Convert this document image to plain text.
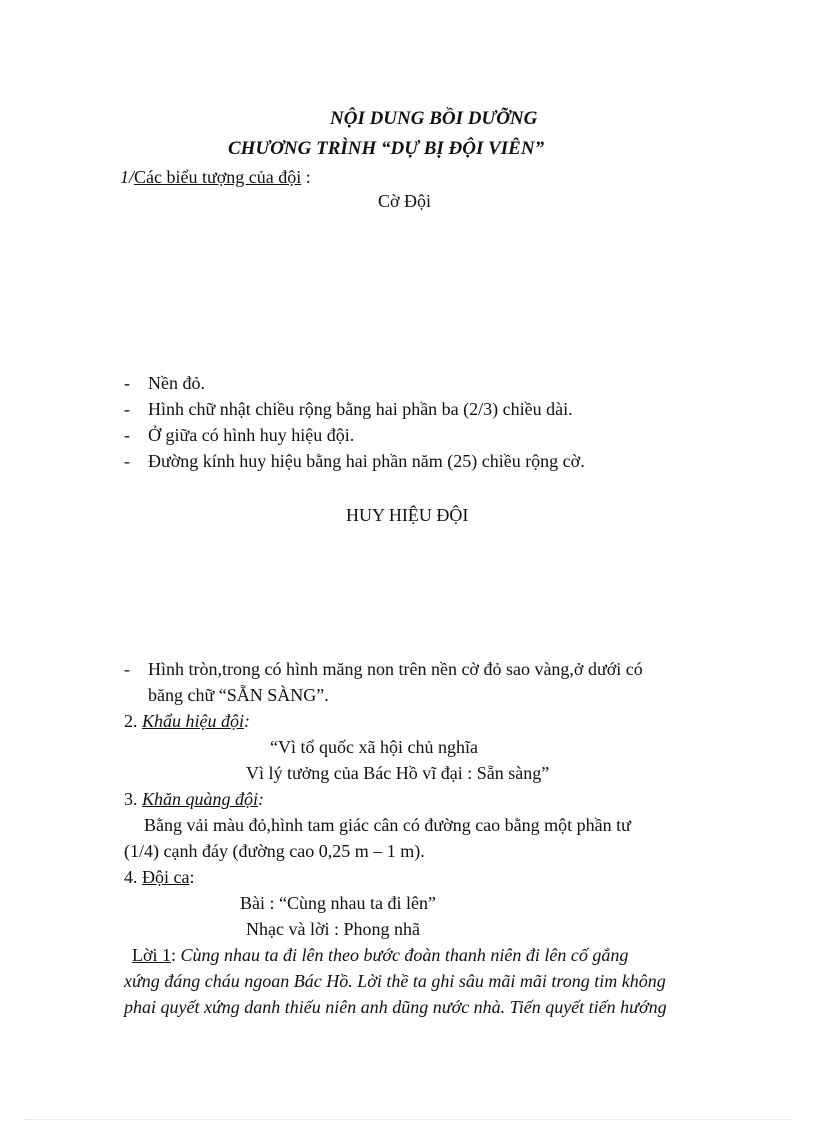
NỘI DUNG BỒI DƯỠNG
CHƯƠNG TRÌNH “DỰ BỊ ĐỘI VIÊN”
1/Các biểu tượng của đội :
Cờ Đội
- Nền đỏ.
- Hình chữ nhật chiều rộng bằng hai phần ba (2/3) chiều dài.
- Ở giữa có hình huy hiệu đội.
- Đường kính huy hiệu bằng hai phần năm (25) chiều rộng cờ.
HUY HIỆU ĐỘI
- Hình tròn,trong có hình măng non trên nền cờ đỏ sao vàng,ở dưới có
băng chữ “SẴN SÀNG”.
2. Khẩu hiệu đội:
“Vì tổ quốc xã hội chủ nghĩa
Vì lý tưởng của Bác Hồ vĩ đại : Sẵn sàng”
3. Khăn quàng đội:
Bằng vải màu đỏ,hình tam giác cân có đường cao bằng một phần tư
(1/4) cạnh đáy (đường cao 0,25 m – 1 m).
4. Đội ca:
Bài : “Cùng nhau ta đi lên”
Nhạc và lời : Phong nhã
Lời 1: Cùng nhau ta đi lên theo bước đoàn thanh niên đi lên cố gắng
xứng đáng cháu ngoan Bác Hồ. Lời thề ta ghi sâu mãi mãi trong tim không
phai quyết xứng danh thiếu niên anh dũng nước nhà. Tiến quyết tiến hướng
